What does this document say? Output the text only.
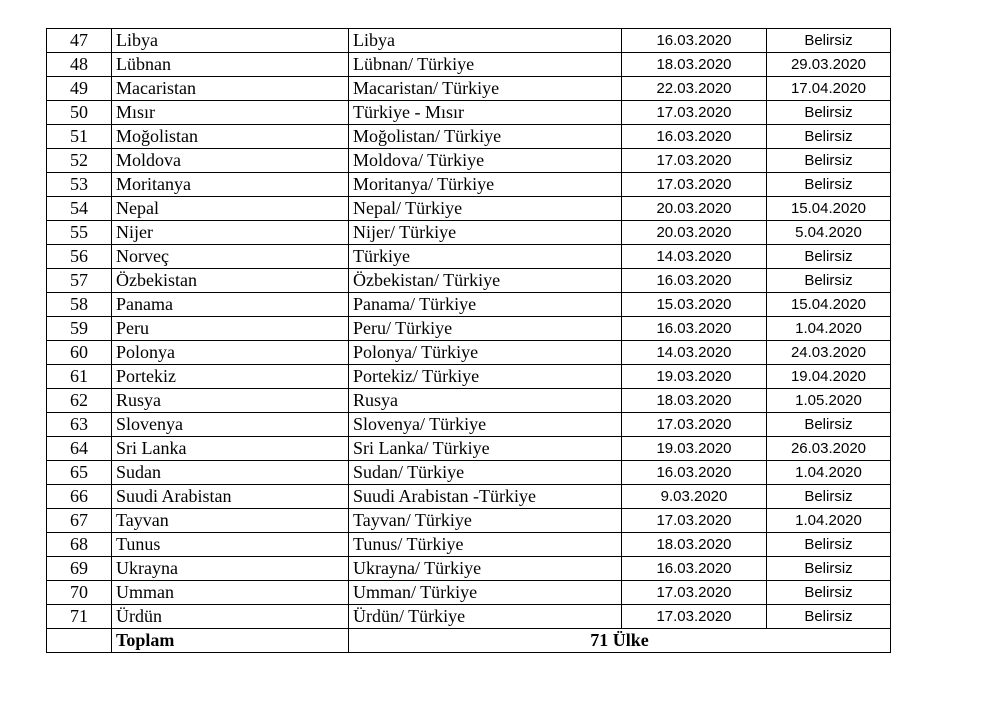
47	Libya	Libya	16.03.2020	Belirsiz
48	Lübnan	Lübnan/ Türkiye	18.03.2020	29.03.2020
49	Macaristan	Macaristan/ Türkiye	22.03.2020	17.04.2020
50	Mısır	Türkiye - Mısır	17.03.2020	Belirsiz
51	Moğolistan	Moğolistan/ Türkiye	16.03.2020	Belirsiz
52	Moldova	Moldova/ Türkiye	17.03.2020	Belirsiz
53	Moritanya	Moritanya/ Türkiye	17.03.2020	Belirsiz
54	Nepal	Nepal/ Türkiye	20.03.2020	15.04.2020
55	Nijer	Nijer/ Türkiye	20.03.2020	5.04.2020
56	Norveç	Türkiye	14.03.2020	Belirsiz
57	Özbekistan	Özbekistan/ Türkiye	16.03.2020	Belirsiz
58	Panama	Panama/ Türkiye	15.03.2020	15.04.2020
59	Peru	Peru/ Türkiye	16.03.2020	1.04.2020
60	Polonya	Polonya/ Türkiye	14.03.2020	24.03.2020
61	Portekiz	Portekiz/ Türkiye	19.03.2020	19.04.2020
62	Rusya	Rusya	18.03.2020	1.05.2020
63	Slovenya	Slovenya/ Türkiye	17.03.2020	Belirsiz
64	Sri Lanka	Sri Lanka/ Türkiye	19.03.2020	26.03.2020
65	Sudan	Sudan/ Türkiye	16.03.2020	1.04.2020
66	Suudi Arabistan	Suudi Arabistan -Türkiye	9.03.2020	Belirsiz
67	Tayvan	Tayvan/ Türkiye	17.03.2020	1.04.2020
68	Tunus	Tunus/ Türkiye	18.03.2020	Belirsiz
69	Ukrayna	Ukrayna/ Türkiye	16.03.2020	Belirsiz
70	Umman	Umman/ Türkiye	17.03.2020	Belirsiz
71	Ürdün	Ürdün/ Türkiye	17.03.2020	Belirsiz
	Toplam	71 Ülke		
